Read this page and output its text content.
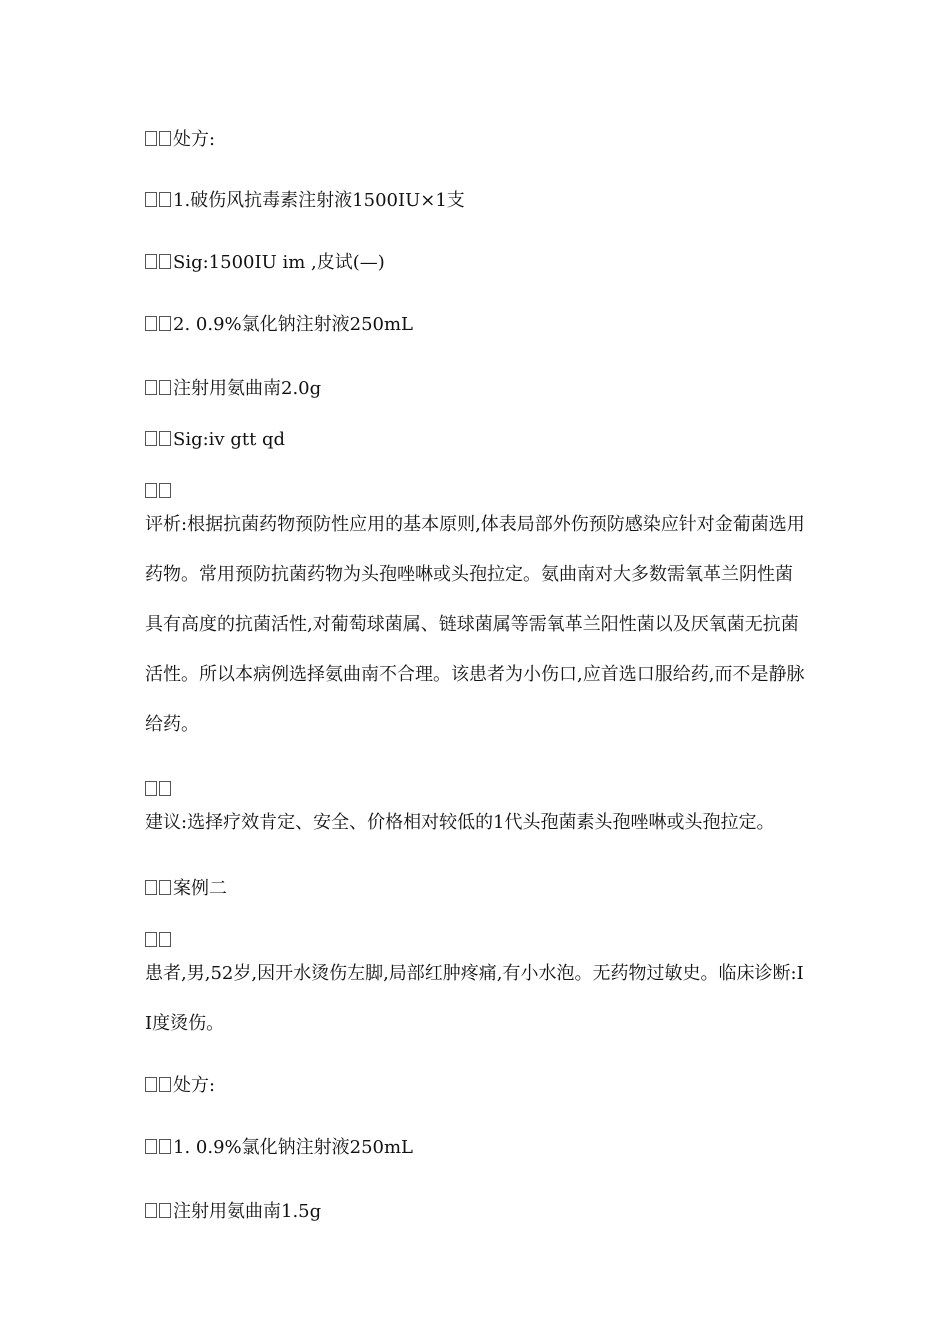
处方:
1.破伤风抗毒素注射液1500IU×1支
Sig:1500IU im ,皮试(—)
2. 0.9%氯化钠注射液250mL
注射用氨曲南2.0g
Sig:iv gtt qd
评析:根据抗菌药物预防性应用的基本原则,体表局部外伤预防感染应针对金葡菌选用药物。常用预防抗菌药物为头孢唑啉或头孢拉定。氨曲南对大多数需氧革兰阴性菌具有高度的抗菌活性,对葡萄球菌属、链球菌属等需氧革兰阳性菌以及厌氧菌无抗菌活性。所以本病例选择氨曲南不合理。该患者为小伤口,应首选口服给药,而不是静脉给药。
建议:选择疗效肯定、安全、价格相对较低的1代头孢菌素头孢唑啉或头孢拉定。
案例二
患者,男,52岁,因开水烫伤左脚,局部红肿疼痛,有小水泡。无药物过敏史。临床诊断:II度烫伤。
处方:
1. 0.9%氯化钠注射液250mL
注射用氨曲南1.5g
